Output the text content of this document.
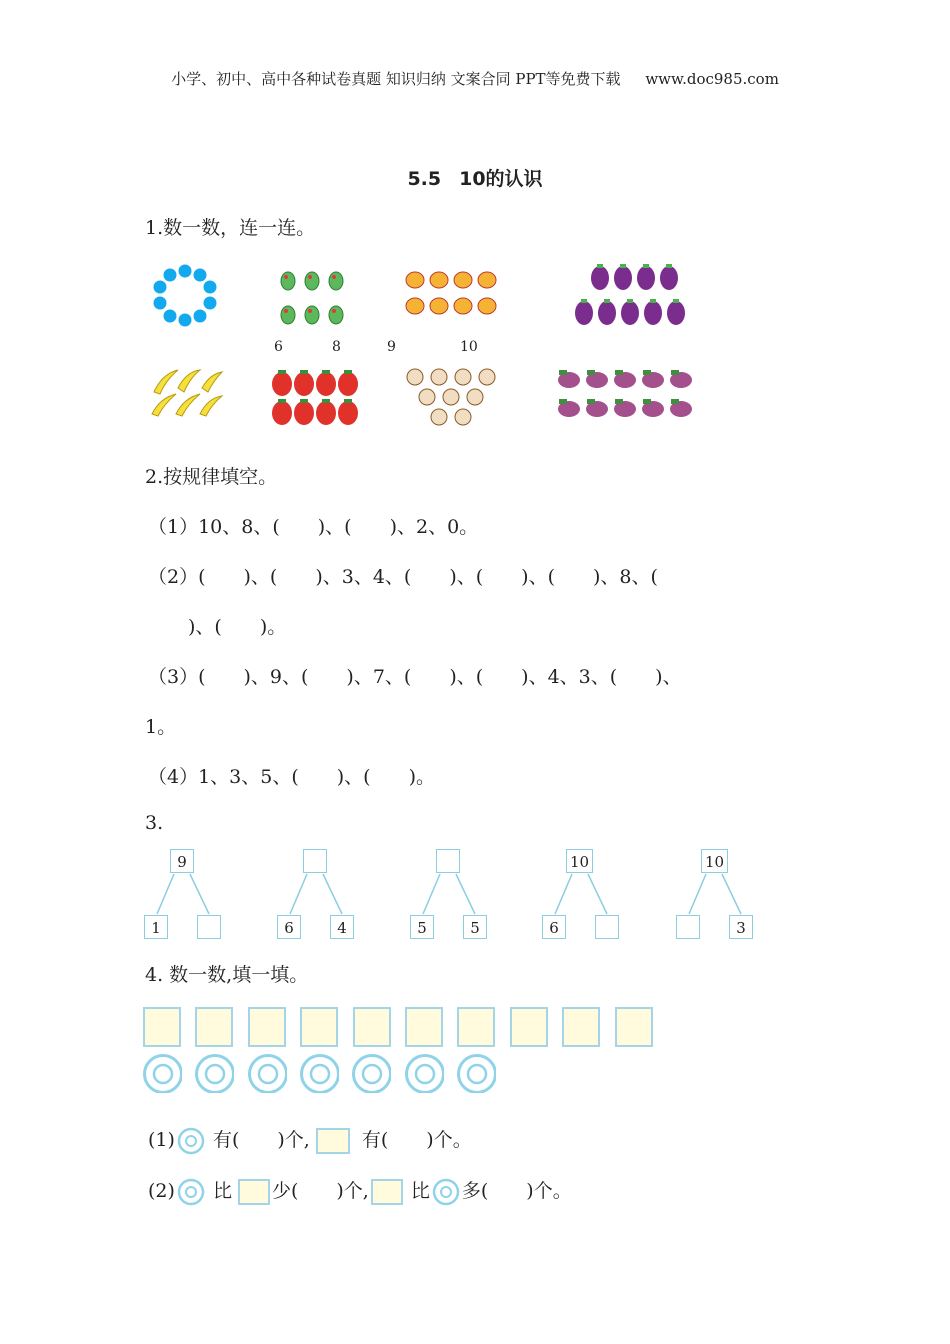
小学、初中、高中各种试卷真题 知识归纳 文案合同 PPT等免费下载 www.doc985.com
5.5 10的认识
1.数一数，连一连。
6	8	9	10
2.按规律填空。
（1）10、8、(　　)、(　　)、2、0。
（2）(　　)、(　　)、3、4、(　　)、(　　)、(　　)、8、(
)、(　　)。
（3）(　　)、9、(　　)、7、(　　)、(　　)、4、3、(　　)、
1。
（4）1、3、5、(　　)、(　　)。
3.
9
1	6	4	5	5
10
6
10
3
4. 数一数,填一填。
(1) 有(　　)个,	有(　　)个。
(2) 比 少(　　)个, 比 多(　　)个。
